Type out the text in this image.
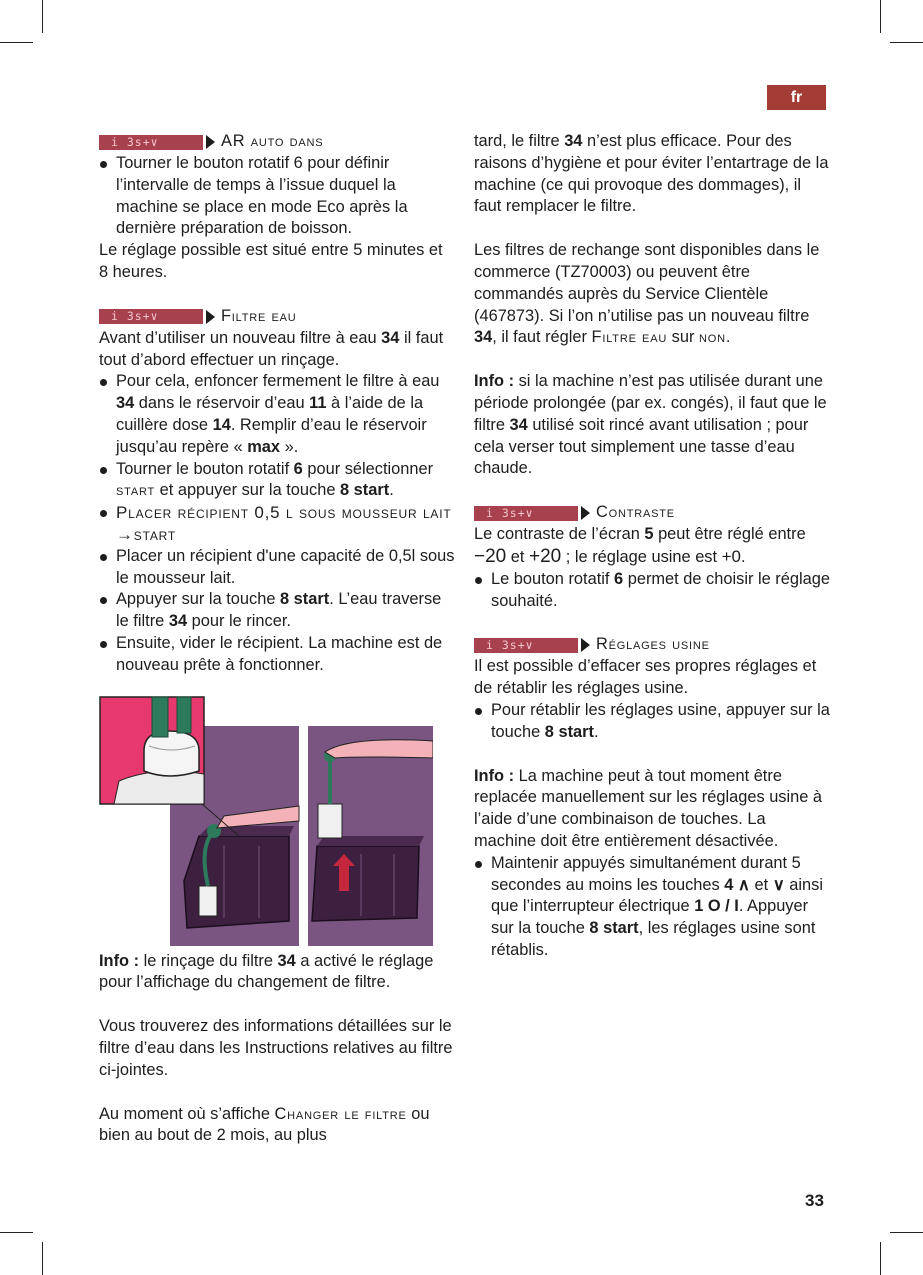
fr
i 3s+∨	AR auto dans
Tourner le bouton rotatif 6 pour définir l’intervalle de temps à l’issue duquel la machine se place en mode Eco après la dernière préparation de boisson.

Le réglage possible est situé entre 5 minutes et 8 heures.

i 3s+∨	Filtre eau

Avant d’utiliser un nouveau filtre à eau 34 il faut tout d’abord effectuer un rinçage.

Pour cela, enfoncer fermement le filtre à eau 34 dans le réservoir d’eau 11 à l’aide de la cuillère dose 14. Remplir d’eau le réservoir jusqu’au repère « max ».
Tourner le bouton rotatif 6 pour sélectionner start et appuyer sur la touche 8 start.
Placer récipient 0,5 l sous mousseur lait →start
Placer un récipient d'une capacité de 0,5l sous le mousseur lait.
Appuyer sur la touche 8 start. L’eau traverse le filtre 34 pour le rincer.
Ensuite, vider le récipient. La machine est de nouveau prête à fonctionner.

Info : le rinçage du filtre 34 a activé le réglage pour l’affichage du changement de filtre.

Vous trouverez des informations détaillées sur le filtre d’eau dans les Instructions relatives au filtre ci-jointes.

Au moment où s’affiche Changer le filtre ou bien au bout de 2 mois, au plus

tard, le filtre 34 n’est plus efficace. Pour des raisons d’hygiène et pour éviter l’entartrage de la machine (ce qui provoque des dommages), il faut remplacer le filtre.

Les filtres de rechange sont disponibles dans le commerce (TZ70003) ou peuvent être commandés auprès du Service Clientèle (467873). Si l’on n’utilise pas un nouveau filtre 34, il faut régler Filtre eau sur non.

Info : si la machine n’est pas utilisée durant une période prolongée (par ex. congés), il faut que le filtre 34 utilisé soit rincé avant utilisation ; pour cela verser tout simplement une tasse d’eau chaude.

i 3s+∨	Contraste

Le contraste de l’écran 5 peut être réglé entre −20 et +20 ; le réglage usine est +0.

Le bouton rotatif 6 permet de choisir le réglage souhaité.
i 3s+∨	Réglages usine

Il est possible d’effacer ses propres réglages et de rétablir les réglages usine.

Pour rétablir les réglages usine, appuyer sur la touche 8 start.

Info : La machine peut à tout moment être replacée manuellement sur les réglages usine à l’aide d’une combinaison de touches. La machine doit être entièrement désactivée.

Maintenir appuyés simultanément durant 5 secondes au moins les touches 4 ∧ et ∨ ainsi que l’interrupteur électrique 1 O / I. Appuyer sur la touche 8 start, les réglages usine sont rétablis.
33
